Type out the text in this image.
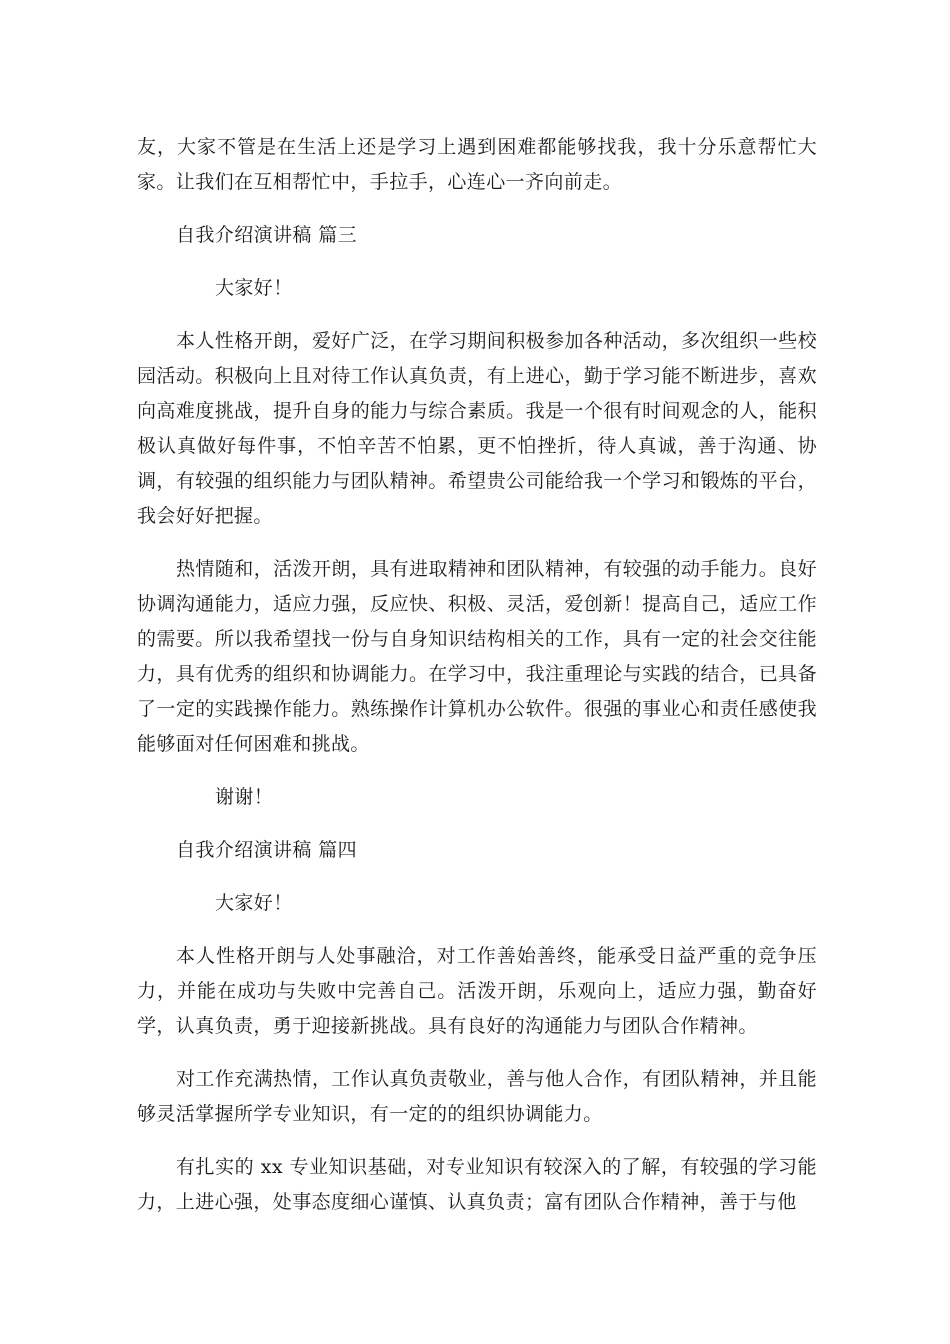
友，大家不管是在生活上还是学习上遇到困难都能够找我，我十分乐意帮忙大家。让我们在互相帮忙中，手拉手，心连心一齐向前走。

自我介绍演讲稿 篇三
大家好！

本人性格开朗，爱好广泛，在学习期间积极参加各种活动，多次组织一些校园活动。积极向上且对待工作认真负责，有上进心，勤于学习能不断进步，喜欢向高难度挑战，提升自身的能力与综合素质。我是一个很有时间观念的人，能积极认真做好每件事，不怕辛苦不怕累，更不怕挫折，待人真诚，善于沟通、协调，有较强的组织能力与团队精神。希望贵公司能给我一个学习和锻炼的平台，我会好好把握。

热情随和，活泼开朗，具有进取精神和团队精神，有较强的动手能力。良好协调沟通能力，适应力强，反应快、积极、灵活，爱创新！提高自己，适应工作的需要。所以我希望找一份与自身知识结构相关的工作，具有一定的社会交往能力，具有优秀的组织和协调能力。在学习中，我注重理论与实践的结合，已具备了一定的实践操作能力。熟练操作计算机办公软件。很强的事业心和责任感使我能够面对任何困难和挑战。

谢谢！
自我介绍演讲稿 篇四
大家好！

本人性格开朗与人处事融洽，对工作善始善终，能承受日益严重的竞争压力，并能在成功与失败中完善自己。活泼开朗，乐观向上，适应力强，勤奋好学，认真负责，勇于迎接新挑战。具有良好的沟通能力与团队合作精神。

对工作充满热情，工作认真负责敬业，善与他人合作，有团队精神，并且能够灵活掌握所学专业知识，有一定的的组织协调能力。

有扎实的 xx 专业知识基础，对专业知识有较深入的了解，有较强的学习能力，上进心强，处事态度细心谨慎、认真负责；富有团队合作精神，善于与他
